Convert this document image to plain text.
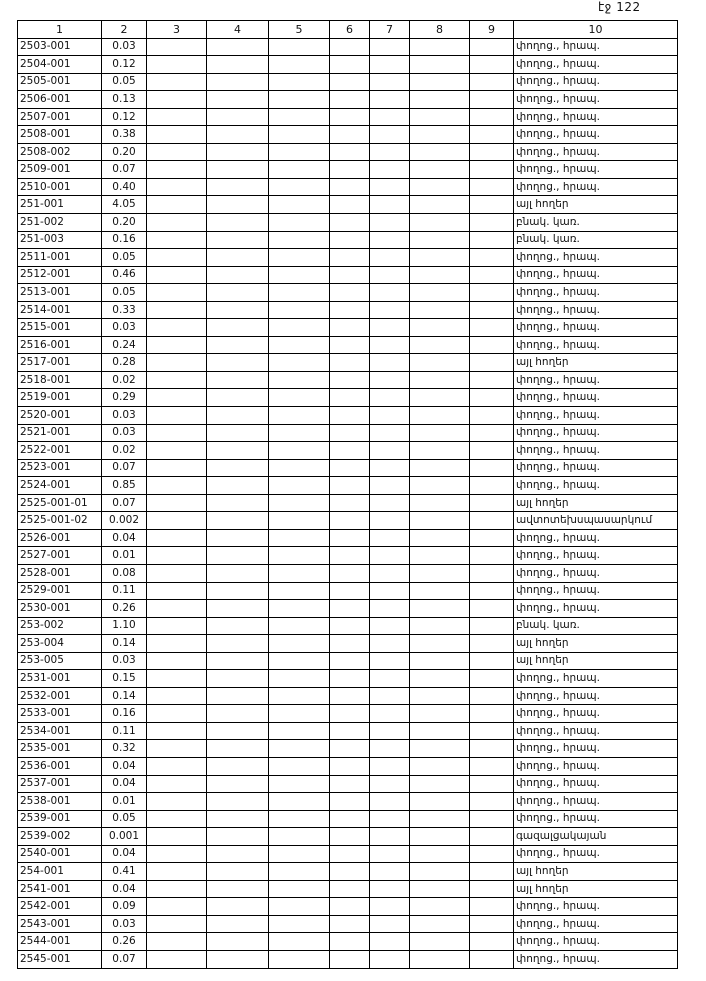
էջ 122
1	2	3	4	5	6	7	8	9	10
2503-001	0.03								փողոց., հրապ.
2504-001	0.12								փողոց., հրապ.
2505-001	0.05								փողոց., հրապ.
2506-001	0.13								փողոց., հրապ.
2507-001	0.12								փողոց., հրապ.
2508-001	0.38								փողոց., հրապ.
2508-002	0.20								փողոց., հրապ.
2509-001	0.07								փողոց., հրապ.
2510-001	0.40								փողոց., հրապ.
251-001	4.05								այլ հողեր
251-002	0.20								բնակ. կառ.
251-003	0.16								բնակ. կառ.
2511-001	0.05								փողոց., հրապ.
2512-001	0.46								փողոց., հրապ.
2513-001	0.05								փողոց., հրապ.
2514-001	0.33								փողոց., հրապ.
2515-001	0.03								փողոց., հրապ.
2516-001	0.24								փողոց., հրապ.
2517-001	0.28								այլ հողեր
2518-001	0.02								փողոց., հրապ.
2519-001	0.29								փողոց., հրապ.
2520-001	0.03								փողոց., հրապ.
2521-001	0.03								փողոց., հրապ.
2522-001	0.02								փողոց., հրապ.
2523-001	0.07								փողոց., հրապ.
2524-001	0.85								փողոց., հրապ.
2525-001-01	0.07								այլ հողեր
2525-001-02	0.002								ավտոտեխսպասարկում
2526-001	0.04								փողոց., հրապ.
2527-001	0.01								փողոց., հրապ.
2528-001	0.08								փողոց., հրապ.
2529-001	0.11								փողոց., հրապ.
2530-001	0.26								փողոց., հրապ.
253-002	1.10								բնակ. կառ.
253-004	0.14								այլ հողեր
253-005	0.03								այլ հողեր
2531-001	0.15								փողոց., հրապ.
2532-001	0.14								փողոց., հրապ.
2533-001	0.16								փողոց., հրապ.
2534-001	0.11								փողոց., հրապ.
2535-001	0.32								փողոց., հրապ.
2536-001	0.04								փողոց., հրապ.
2537-001	0.04								փողոց., հրապ.
2538-001	0.01								փողոց., հրապ.
2539-001	0.05								փողոց., հրապ.
2539-002	0.001								գազալցակայան
2540-001	0.04								փողոց., հրապ.
254-001	0.41								այլ հողեր
2541-001	0.04								այլ հողեր
2542-001	0.09								փողոց., հրապ.
2543-001	0.03								փողոց., հրապ.
2544-001	0.26								փողոց., հրապ.
2545-001	0.07								փողոց., հրապ.
